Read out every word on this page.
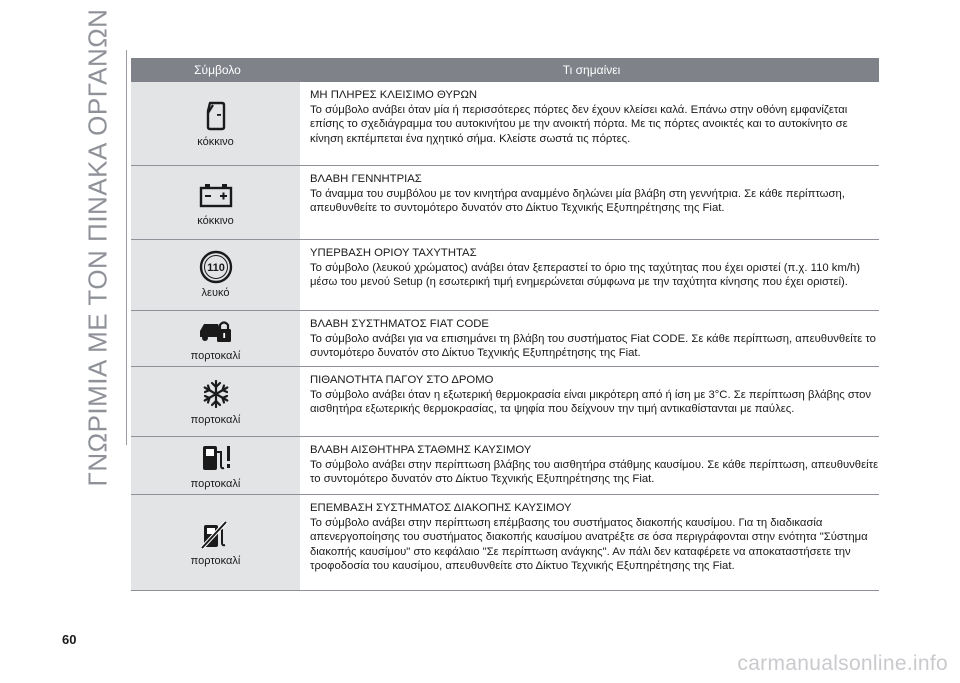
ΓΝΩΡΙΜΙΑ ΜΕ ΤΟΝ ΠΙΝΑΚΑ ΟΡΓΑΝΩΝ	Σύμβολο	Τι σημαίνει
κόκκινο
ΜΗ ΠΛΗΡΕΣ ΚΛΕΙΣΙΜΟ ΘΥΡΩΝ
Το σύμβολο ανάβει όταν μία ή περισσότερες πόρτες δεν έχουν κλείσει καλά. Επάνω στην οθόνη εμφανίζεται επίσης το σχεδιάγραμμα του αυτοκινήτου με την ανοικτή πόρτα. Με τις πόρτες ανοικτές και το αυτοκίνητο σε κίνηση εκπέμπεται ένα ηχητικό σήμα. Κλείστε σωστά τις πόρτες.
κόκκινο
ΒΛΑΒΗ ΓΕΝΝΗΤΡΙΑΣ
Το άναμμα του συμβόλου με τον κινητήρα αναμμένο δηλώνει μία βλάβη στη γεννήτρια. Σε κάθε περίπτωση, απευθυνθείτε το συντομότερο δυνατόν στο Δίκτυο Τεχνικής Εξυπηρέτησης της Fiat.
110
λευκό
ΥΠΕΡΒΑΣΗ ΟΡΙΟΥ ΤΑΧΥΤΗΤΑΣ
Το σύμβολο (λευκού χρώματος) ανάβει όταν ξεπεραστεί το όριο της ταχύτητας που έχει οριστεί (π.χ. 110 km/h) μέσω του μενού Setup (η εσωτερική τιμή ενημερώνεται σύμφωνα με την ταχύτητα κίνησης που έχει οριστεί).
πορτοκαλί
ΒΛΑΒΗ ΣΥΣΤΗΜΑΤΟΣ FIAT CODE
Το σύμβολο ανάβει για να επισημάνει τη βλάβη του συστήματος Fiat CODE. Σε κάθε περίπτωση, απευθυνθείτε το συντομότερο δυνατόν στο Δίκτυο Τεχνικής Εξυπηρέτησης της Fiat.
πορτοκαλί
ΠΙΘΑΝΟΤΗΤΑ ΠΑΓΟΥ ΣΤΟ ΔΡΟΜΟ
Το σύμβολο ανάβει όταν η εξωτερική θερμοκρασία είναι μικρότερη από ή ίση με 3°C. Σε περίπτωση βλάβης στον αισθητήρα εξωτερικής θερμοκρασίας, τα ψηφία που δείχνουν την τιμή αντικαθίστανται με παύλες.
πορτοκαλί
ΒΛΑΒΗ ΑΙΣΘΗΤΗΡΑ ΣΤΑΘΜΗΣ ΚΑΥΣΙΜΟΥ
Το σύμβολο ανάβει στην περίπτωση βλάβης του αισθητήρα στάθμης καυσίμου. Σε κάθε περίπτωση, απευθυνθείτε το συντομότερο δυνατόν στο Δίκτυο Τεχνικής Εξυπηρέτησης της Fiat.
πορτοκαλί
ΕΠΕΜΒΑΣΗ ΣΥΣΤΗΜΑΤΟΣ ΔΙΑΚΟΠΗΣ ΚΑΥΣΙΜΟΥ
Το σύμβολο ανάβει στην περίπτωση επέμβασης του συστήματος διακοπής καυσίμου. Για τη διαδικασία απενεργοποίησης του συστήματος διακοπής καυσίμου ανατρέξτε σε όσα περιγράφονται στην ενότητα "Σύστημα διακοπής καυσίμου" στο κεφάλαιο "Σε περίπτωση ανάγκης". Αν πάλι δεν καταφέρετε να αποκαταστήσετε την τροφοδοσία του καυσίμου, απευθυνθείτε στο Δίκτυο Τεχνικής Εξυπηρέτησης της Fiat.
60
carmanualsonline.info
